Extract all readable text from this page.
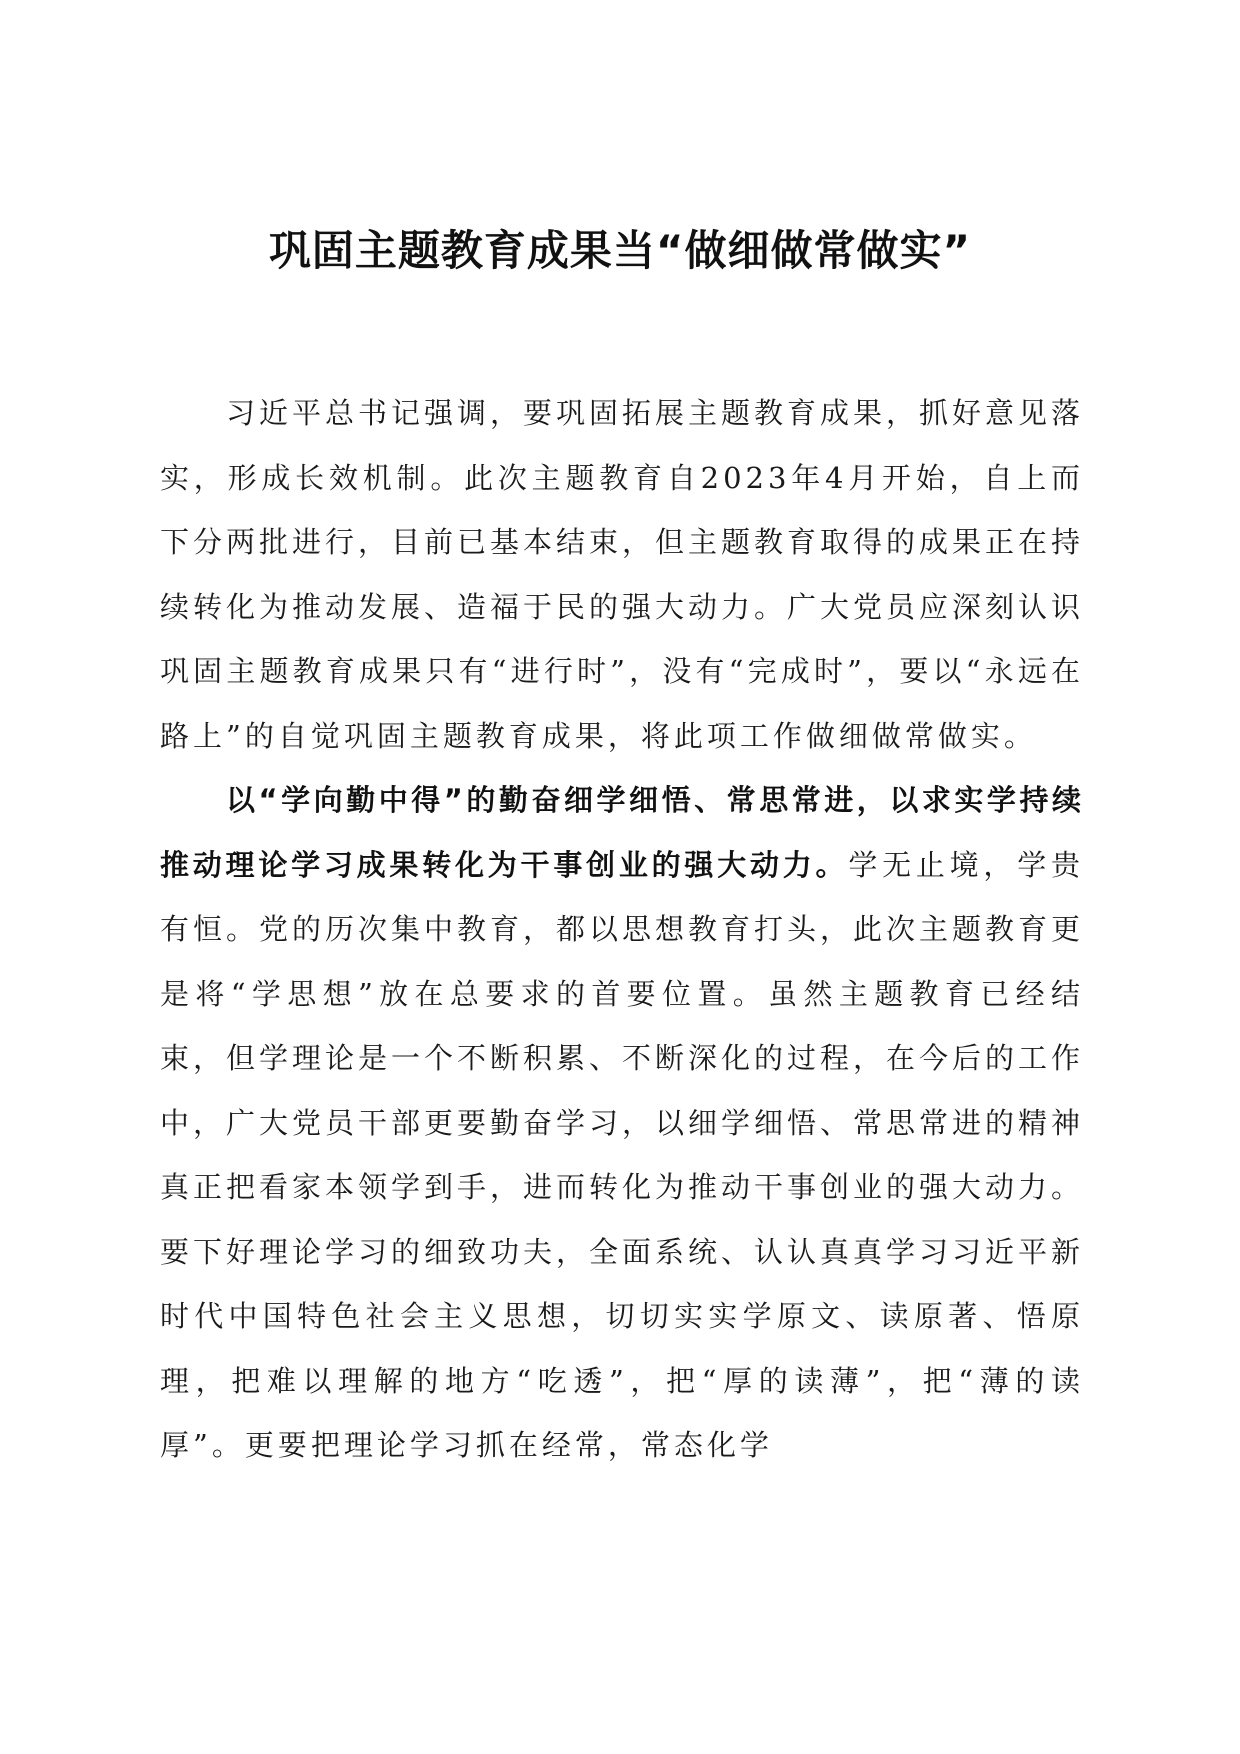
巩固主题教育成果当“做细做常做实”

习近平总书记强调，要巩固拓展主题教育成果，抓好意见落实，形成长效机制。此次主题教育自2023年4月开始，自上而下分两批进行，目前已基本结束，但主题教育取得的成果正在持续转化为推动发展、造福于民的强大动力。广大党员应深刻认识巩固主题教育成果只有“进行时”，没有“完成时”，要以“永远在路上”的自觉巩固主题教育成果，将此项工作做细做常做实。

以“学向勤中得”的勤奋细学细悟、常思常进，以求实学持续推动理论学习成果转化为干事创业的强大动力。学无止境，学贵有恒。党的历次集中教育，都以思想教育打头，此次主题教育更是将“学思想”放在总要求的首要位置。虽然主题教育已经结束，但学理论是一个不断积累、不断深化的过程，在今后的工作中，广大党员干部更要勤奋学习，以细学细悟、常思常进的精神真正把看家本领学到手，进而转化为推动干事创业的强大动力。要下好理论学习的细致功夫，全面系统、认认真真学习习近平新时代中国特色社会主义思想，切切实实学原文、读原著、悟原理，把难以理解的地方“吃透”，把“厚的读薄”，把“薄的读厚”。更要把理论学习抓在经常，常态化学
